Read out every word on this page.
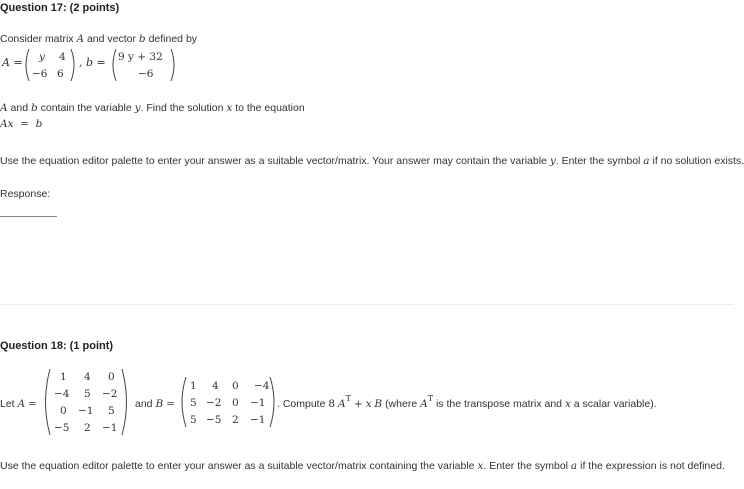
Question 17: (2 points)
Consider matrix A and vector b defined by
A = y 4
−6 6
, b = 9 y + 32
−6
A and b contain the variable y. Find the solution x to the equation
Ax  =  b
Use the equation editor palette to enter your answer as a suitable vector/matrix. Your answer may contain the variable y. Enter the symbol a if no solution exists.
Response:
Question 18: (1 point)
Let A =
1 4 0
−4 5 −2
0 −1 5
−5 2 −1
and B =
1 4 0 −4
5 −2 0 −1
5 −5 2 −1
. Compute 8 $A^T + x$ B (where $A^T$ is the transpose matrix and x a scalar variable).
Use the equation editor palette to enter your answer as a suitable vector/matrix containing the variable x. Enter the symbol a if the expression is not defined.
